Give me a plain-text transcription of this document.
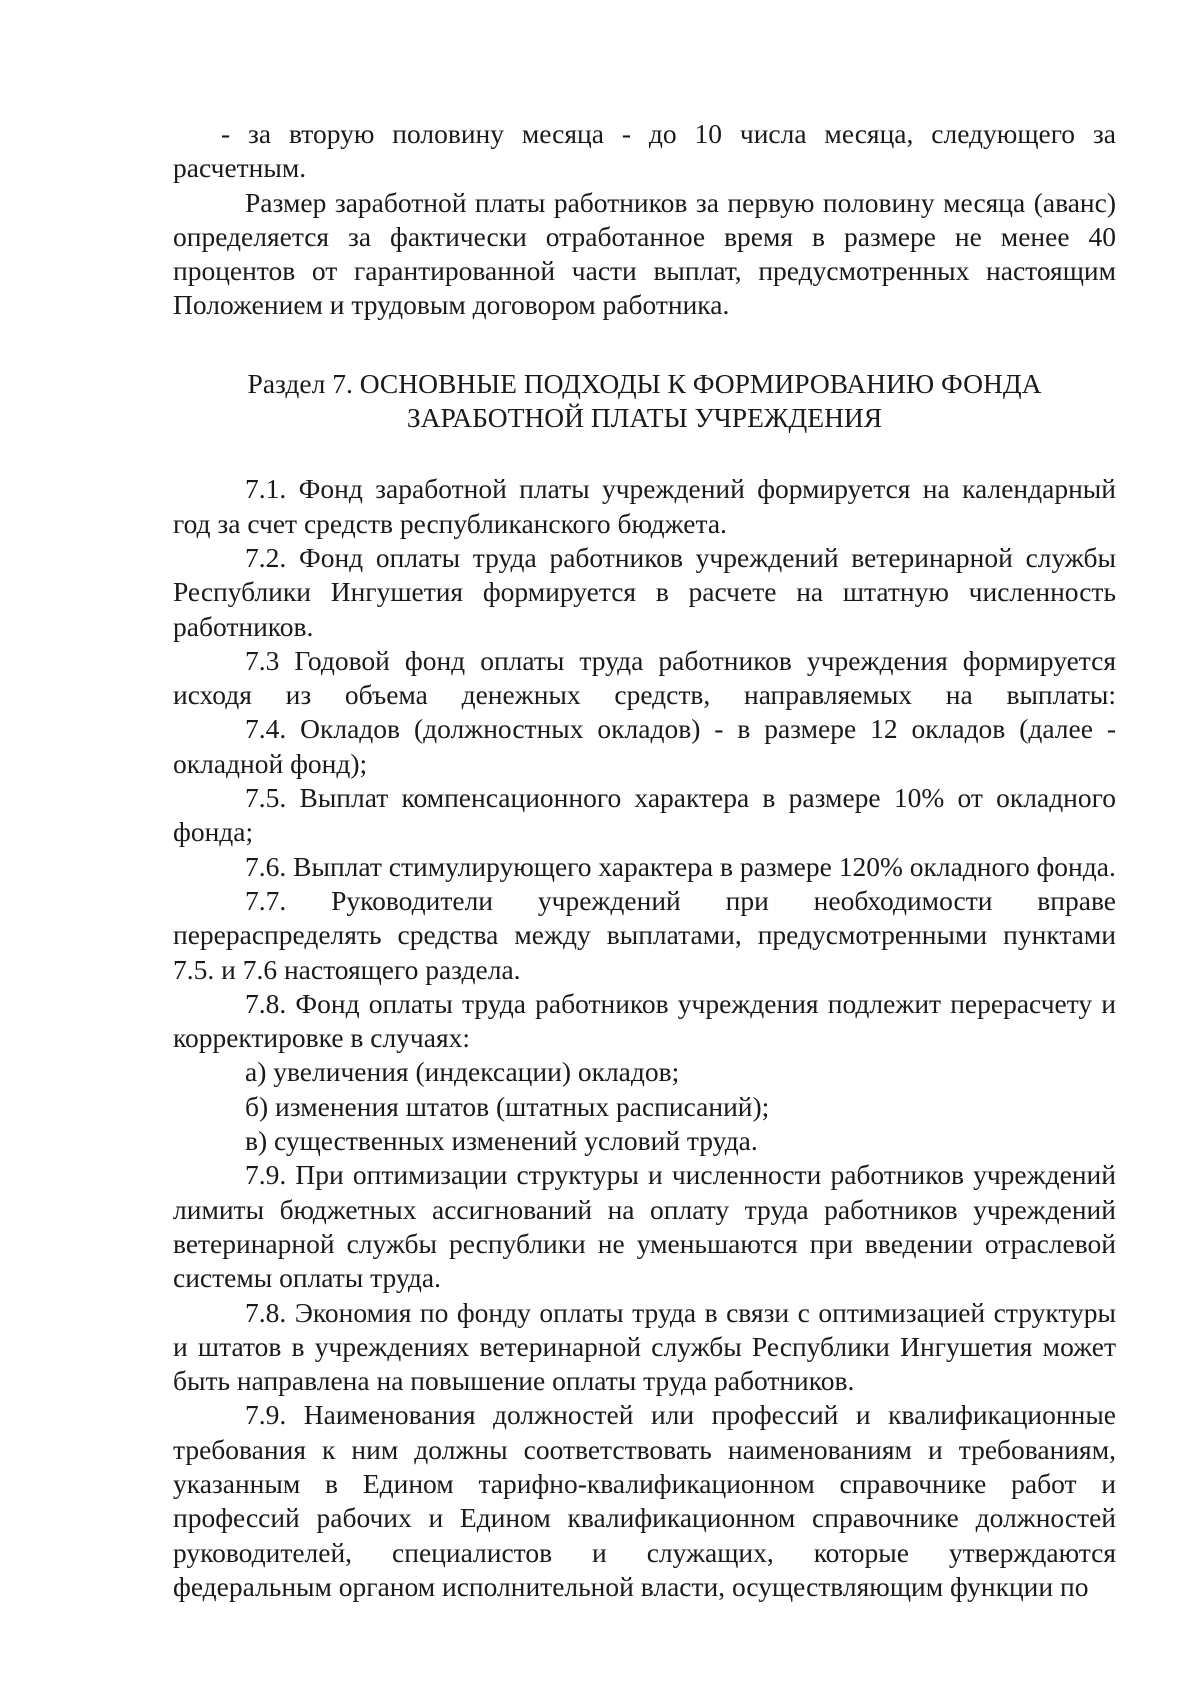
- за вторую половину месяца - до 10 числа месяца, следующего за расчетным.

Размер заработной платы работников за первую половину месяца (аванс) определяется за фактически отработанное время в размере не менее 40 процентов от гарантированной части выплат, предусмотренных настоящим Положением и трудовым договором работника.

Раздел 7. ОСНОВНЫЕ ПОДХОДЫ К ФОРМИРОВАНИЮ ФОНДА
ЗАРАБОТНОЙ ПЛАТЫ УЧРЕЖДЕНИЯ

7.1. Фонд заработной платы учреждений формируется на календарный год за счет средств республиканского бюджета.

7.2. Фонд оплаты труда работников учреждений ветеринарной службы Республики Ингушетия формируется в расчете на штатную численность работников.

7.3 Годовой фонд оплаты труда работников учреждения формируется исходя из объема денежных средств, направляемых на выплаты:

7.4. Окладов (должностных окладов) - в размере 12 окладов (далее - окладной фонд);

7.5. Выплат компенсационного характера в размере 10% от окладного фонда;

7.6. Выплат стимулирующего характера в размере 120% окладного фонда.

7.7. Руководители учреждений при необходимости вправе перераспределять средства между выплатами, предусмотренными пунктами 7.5. и 7.6 настоящего раздела.

7.8. Фонд оплаты труда работников учреждения подлежит перерасчету и корректировке в случаях:

а) увеличения (индексации) окладов;

б) изменения штатов (штатных расписаний);

в) существенных изменений условий труда.

7.9. При оптимизации структуры и численности работников учреждений лимиты бюджетных ассигнований на оплату труда работников учреждений ветеринарной службы республики не уменьшаются при введении отраслевой системы оплаты труда.

7.8. Экономия по фонду оплаты труда в связи с оптимизацией структуры и штатов в учреждениях ветеринарной службы Республики Ингушетия может быть направлена на повышение оплаты труда работников.

7.9. Наименования должностей или профессий и квалификационные требования к ним должны соответствовать наименованиям и требованиям, указанным в Едином тарифно-квалификационном справочнике работ и профессий рабочих и Едином квалификационном справочнике должностей руководителей, специалистов и служащих, которые утверждаются федеральным органом исполнительной власти, осуществляющим функции по
